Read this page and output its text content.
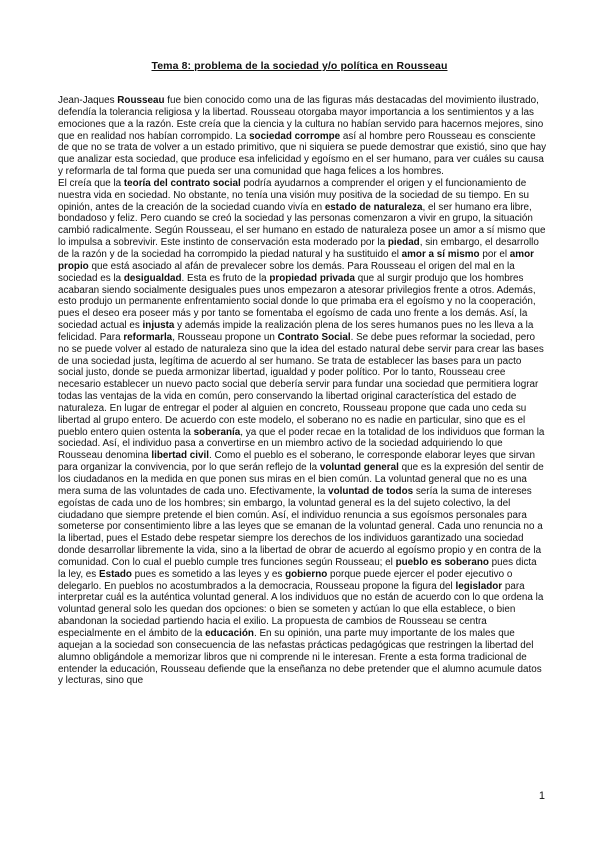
Tema 8: problema de la sociedad y/o política en Rousseau

Jean-Jaques Rousseau fue bien conocido como una de las figuras más destacadas del movimiento ilustrado, defendía la tolerancia religiosa y la libertad. Rousseau otorgaba mayor importancia a los sentimientos y a las emociones que a la razón. Este creía que la ciencia y la cultura no habían servido para hacernos mejores, sino que en realidad nos habían corrompido. La sociedad corrompe así al hombre pero Rousseau es consciente de que no se trata de volver a un estado primitivo, que ni siquiera se puede demostrar que existió, sino que hay que analizar esta sociedad, que produce esa infelicidad y egoísmo en el ser humano, para ver cuáles su causa y reformarla de tal forma que pueda ser una comunidad que haga felices a los hombres.

El creía que la teoría del contrato social podría ayudarnos a comprender el origen y el funcionamiento de nuestra vida en sociedad. No obstante, no tenía una visión muy positiva de la sociedad de su tiempo. En su opinión, antes de la creación de la sociedad cuando vivía en estado de naturaleza, el ser humano era libre, bondadoso y feliz. Pero cuando se creó la sociedad y las personas comenzaron a vivir en grupo, la situación cambió radicalmente. Según Rousseau, el ser humano en estado de naturaleza posee un amor a sí mismo que lo impulsa a sobrevivir. Este instinto de conservación esta moderado por la piedad, sin embargo, el desarrollo de la razón y de la sociedad ha corrompido la piedad natural y ha sustituido el amor a sí mismo por el amor propio que está asociado al afán de prevalecer sobre los demás. Para Rousseau el origen del mal en la sociedad es la desigualdad. Esta es fruto de la propiedad privada que al surgir produjo que los hombres acabaran siendo socialmente desiguales pues unos empezaron a atesorar privilegios frente a otros. Además, esto produjo un permanente enfrentamiento social donde lo que primaba era el egoísmo y no la cooperación, pues el deseo era poseer más y por tanto se fomentaba el egoísmo de cada uno frente a los demás. Así, la sociedad actual es injusta y además impide la realización plena de los seres humanos pues no les lleva a la felicidad. Para reformarla, Rousseau propone un Contrato Social. Se debe pues reformar la sociedad, pero no se puede volver al estado de naturaleza sino que la idea del estado natural debe servir para crear las bases de una sociedad justa, legítima de acuerdo al ser humano. Se trata de establecer las bases para un pacto social justo, donde se pueda armonizar libertad, igualdad y poder político. Por lo tanto, Rousseau cree necesario establecer un nuevo pacto social que debería servir para fundar una sociedad que permitiera lograr todas las ventajas de la vida en común, pero conservando la libertad original característica del estado de naturaleza. En lugar de entregar el poder al alguien en concreto, Rousseau propone que cada uno ceda su libertad al grupo entero. De acuerdo con este modelo, el soberano no es nadie en particular, sino que es el pueblo entero quien ostenta la soberanía, ya que el poder recae en la totalidad de los individuos que forman la sociedad. Así, el individuo pasa a convertirse en un miembro activo de la sociedad adquiriendo lo que Rousseau denomina libertad civil. Como el pueblo es el soberano, le corresponde elaborar leyes que sirvan para organizar la convivencia, por lo que serán reflejo de la voluntad general que es la expresión del sentir de los ciudadanos en la medida en que ponen sus miras en el bien común. La voluntad general que no es una mera suma de las voluntades de cada uno. Efectivamente, la voluntad de todos sería la suma de intereses egoístas de cada uno de los hombres; sin embargo, la voluntad general es la del sujeto colectivo, la del ciudadano que siempre pretende el bien común. Así, el individuo renuncia a sus egoísmos personales para someterse por consentimiento libre a las leyes que se emanan de la voluntad general. Cada uno renuncia no a la libertad, pues el Estado debe respetar siempre los derechos de los individuos garantizado una sociedad donde desarrollar libremente la vida, sino a la libertad de obrar de acuerdo al egoísmo propio y en contra de la comunidad. Con lo cual el pueblo cumple tres funciones según Rousseau; el pueblo es soberano pues dicta la ley, es Estado pues es sometido a las leyes y es gobierno porque puede ejercer el poder ejecutivo o delegarlo. En pueblos no acostumbrados a la democracia, Rousseau propone la figura del legislador para interpretar cuál es la auténtica voluntad general. A los individuos que no están de acuerdo con lo que ordena la voluntad general solo les quedan dos opciones: o bien se someten y actúan lo que ella establece, o bien abandonan la sociedad partiendo hacia el exilio. La propuesta de cambios de Rousseau se centra especialmente en el ámbito de la educación. En su opinión, una parte muy importante de los males que aquejan a la sociedad son consecuencia de las nefastas prácticas pedagógicas que restringen la libertad del alumno obligándole a memorizar libros que ni comprende ni le interesan. Frente a esta forma tradicional de entender la educación, Rousseau defiende que la enseñanza no debe pretender que el alumno acumule datos y lecturas, sino que

1
